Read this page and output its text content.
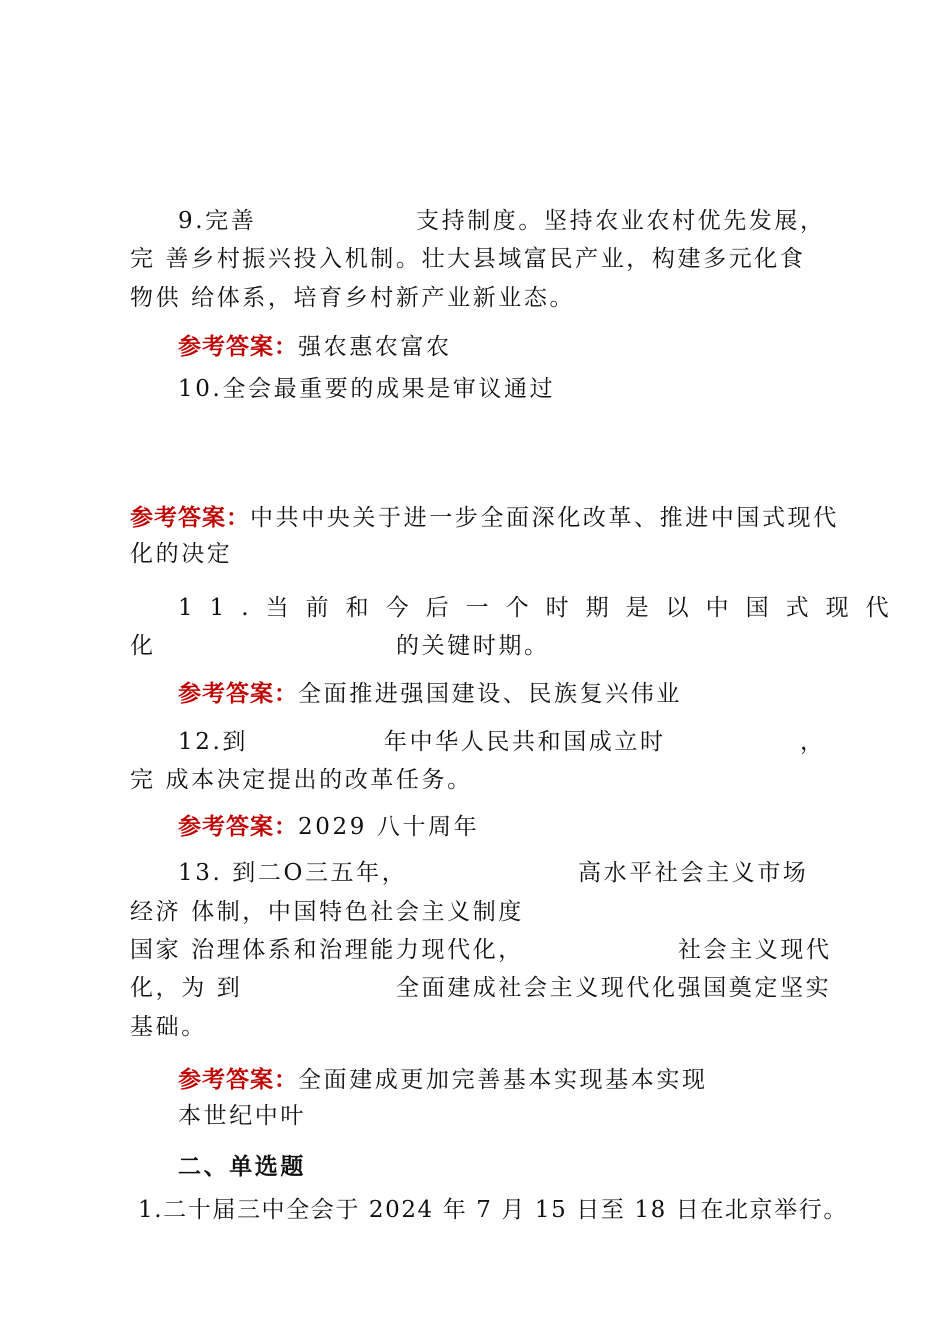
9.完善	支持制度。坚持农业农村优先发展，
完 善乡村振兴投入机制。壮大县域富民产业，构建多元化食
物供 给体系，培育乡村新产业新业态。
参考答案：强农惠农富农
10.全会最重要的成果是审议通过
参考答案：中共中央关于进一步全面深化改革、推进中国式现代
化的决定
11.当前和今后一个时期是以中国式现代
化	的关键时期。
参考答案：全面推进强国建设、民族复兴伟业
12.到	年中华人民共和国成立时	，
完 成本决定提出的改革任务。
参考答案：2029 八十周年
13. 到二O三五年，	高水平社会主义市场
经济 体制，中国特色社会主义制度
国家 治理体系和治理能力现代化，	社会主义现代
化，为 到	全面建成社会主义现代化强国奠定坚实
基础。
参考答案：全面建成更加完善基本实现基本实现
本世纪中叶
二、单选题
1.二十届三中全会于 2024 年 7 月 15 日至 18 日在北京举行。
